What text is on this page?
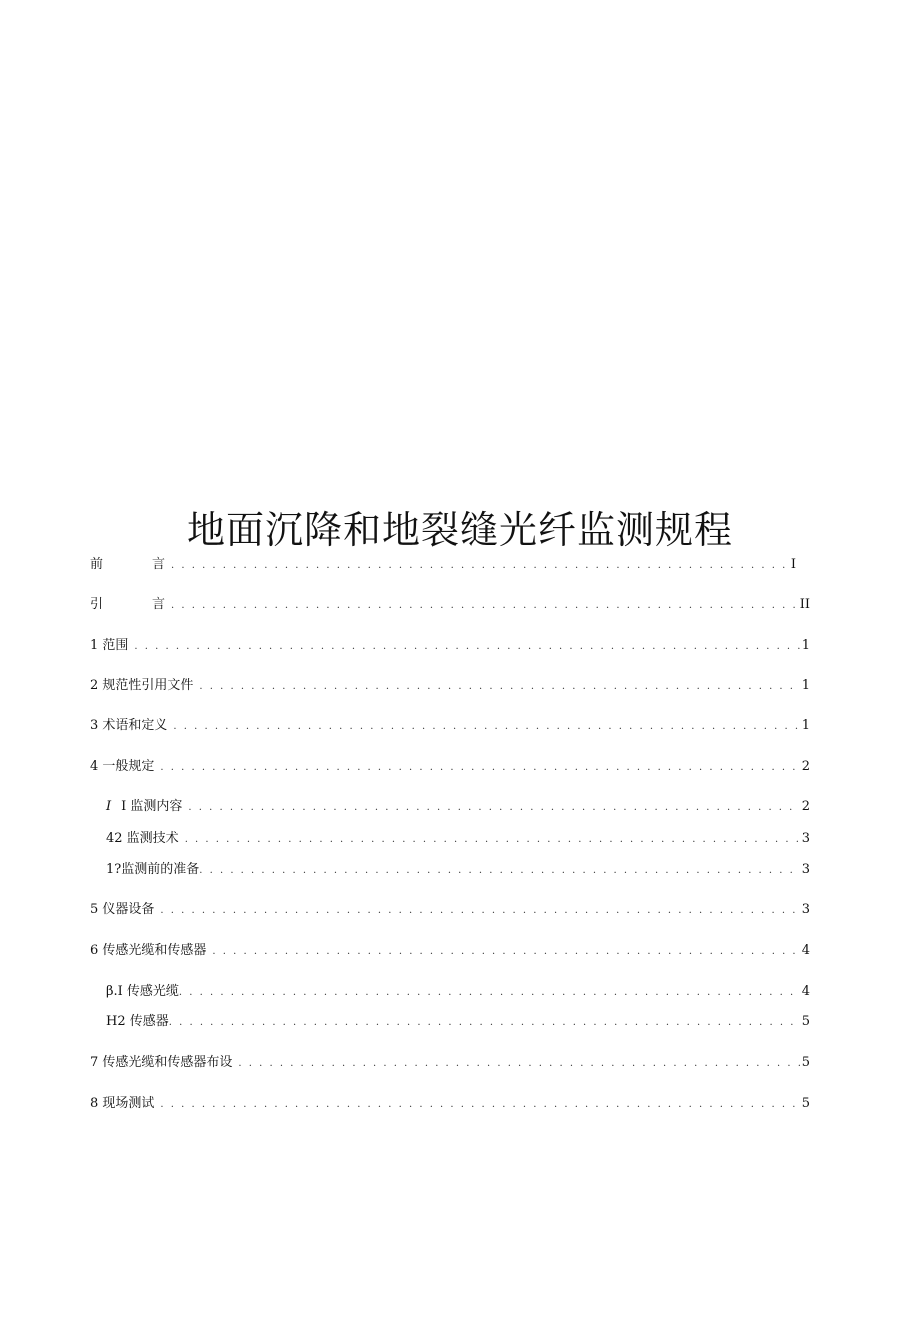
地面沉降和地裂缝光纤监测规程
前	言 . . .	I
引	言 . . .	II
1 范围 . . .	1
2 规范性引用文件 . . .	1
3 术语和定义 . . .	1
4 一般规定 . . .	2
I I 监测内容 . . .	2
42 监测技术 . . .	3
1?监测前的准备 . . .	3
5 仪器设备 . . .	3
6 传感光缆和传感器 . . .	4
β.I 传感光缆 . . .	4
H2 传感器 . . .	5
7 传感光缆和传感器布设 . . .	5
8 现场测试 . . .	5
